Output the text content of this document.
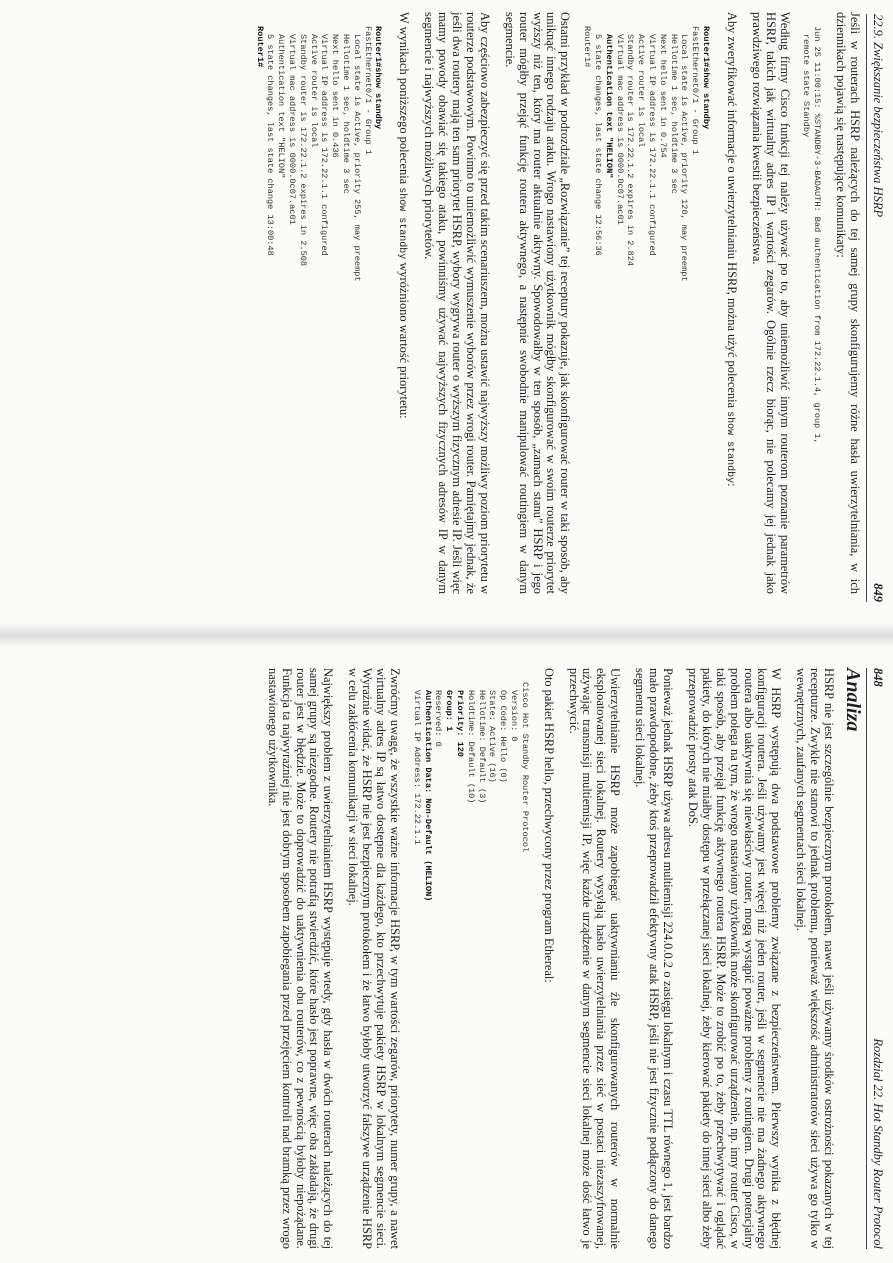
22.9. Zwiększanie bezpieczeństwa HSRP
849

Jeśli w routerach HSRP należących do tej samej grupy skonfigurujemy różne hasła uwierzytelniania, w ich dziennikach pojawią się następujące komunikaty:

Jun 25 11:00:15: %STANDBY-3-BADAUTH: Bad authentication from 172.22.1.4, group 1,
remote state Standby

Według firmy Cisco funkcji tej należy używać po to, aby uniemożliwić innym routerom poznanie parametrów HSRP, takich jak wirtualny adres IP i wartości zegarów. Ogólnie rzecz biorąc, nie polecamy jej jednak jako prawdziwego rozwiązania kwestii bezpieczeństwa.

Aby zweryfikować informacje o uwierzytelnianiu HSRP, można użyć polecenia show standby:

Router1#show standby
FastEthernet0/1 - Group 1
Local state is Active, priority 120, may preempt
Hellotime 1 sec, holdtime 3 sec
Next hello sent in 0.754
Virtual IP address is 172.22.1.1 configured
Active router is local
Standby router is 172.22.1.2 expires in 2.824
Virtual mac address is 0000.0c07.ac01
Authentication text "HELION"
5 state changes, last state change 12:56:36
Router1#

Ostatni przykład w podrozdziale „Rozwiązanie” tej receptury pokazuje, jak skonfigurować router w taki sposób, aby uniknąć innego rodzaju ataku. Wrogo nastawiony użytkownik mógłby skonfigurować w swoim routerze priorytet wyższy niż ten, który ma router aktualnie aktywny. Spowodowałby w ten sposób, „zamach stanu” HSRP i jego router mógłby przejąć funkcję routera aktywnego, a następnie swobodnie manipulować routingiem w danym segmencie.

Aby częściowo zabezpieczyć się przed takim scenariuszem, można ustawić najwyższy możliwy poziom priorytetu w routerze podstawowym. Powinno to uniemożliwić wymuszenie wyborów przez wrogi router. Pamiętajmy jednak, że jeśli dwa routery mają ten sam priorytet HSRP, wybory wygrywa router o wyższym fizycznym adresie IP. Jeśli więc mamy powody obawiać się takiego ataku, powinniśmy używać najwyższych fizycznych adresów IP w danym segmencie i najwyższych możliwych priorytetów.

W wynikach poniższego polecenia show standby wyróżniono wartość priorytetu:

Router1#show standby
FastEthernet0/1 - Group 1
Local state is Active, priority 255, may preempt
Hellotime 1 sec, holdtime 3 sec
Next hello sent in 0.436
Virtual IP address is 172.22.1.1 configured
Active router is local
Standby router is 172.22.1.2 expires in 2.508
Virtual mac address is 0000.0c07.ac01
Authentication text "HELION"
5 state changes, last state change 13:00:48
Router1#
848
Rozdział 22. Hot Standby Router Protocol
Analiza

HSRP nie jest szczególnie bezpiecznym protokołem, nawet jeśli używamy środków ostrożności pokazanych w tej recepturze. Zwykle nie stanowi to jednak problemu, ponieważ większość administratorów sieci używa go tylko w wewnętrznych, zaufanych segmentach sieci lokalnej.

W HSRP występują dwa podstawowe problemy związane z bezpieczeństwem. Pierwszy wynika z błędnej konfiguracji routera. Jeśli używamy jest więcej niż jeden router, jeśli w segmencie nie ma żadnego aktywnego routera albo uaktywnia się niewłaściwy router, mogą wystąpić poważne problemy z routingiem. Drugi potencjalny problem polega na tym, że wrogo nastawiony użytkownik może skonfigurować urządzenie, np. inny router Cisco, w taki sposób, aby przejął funkcję aktywnego routera HSRP. Może to zrobić po to, żeby przechwytywać i oglądać pakiety, do których nie miałby dostępu w przełączanej sieci lokalnej, żeby kierować pakiety do innej sieci albo żeby przeprowadzić prosty atak DoS.

Ponieważ jednak HSRP używa adresu multiemisji 224.0.0.2 o zasięgu lokalnym i czasu TTL równego 1, jest bardzo mało prawdopodobne, żeby ktoś przeprowadził efektywny atak HSRP, jeśli nie jest fizycznie podłączony do danego segmentu sieci lokalnej.

Uwierzytelnianie HSRP może zapobiegać uaktywnianiu źle skonfigurowanych routerów w normalnie eksploatowanej sieci lokalnej. Routery wysyłają hasło uwierzytelniania przez sieć w postaci niezaszyfrowanej, używając transmisji multiemisji IP, więc każde urządzenie w danym segmencie sieci lokalnej może dość łatwo je przechwycić.

Oto pakiet HSRP hello, przechwycony przez program Ethereal:

Cisco Hot Standby Router Protocol
Version: 0
Op Code: Hello (0)
State: Active (16)
Hellotime: Default (3)
Holdtime: Default (10)
Priority: 120
Group: 1
Reserved: 0
Authentication Data: Non-Default (HELION)
Virtual IP Address: 172.22.1.1

Zwróćmy uwagę, że wszystkie ważne informacje HSRP, w tym wartości zegarów, priorytety, numer grupy, a nawet wirtualny adres IP są łatwo dostępne dla każdego, kto przechwytuje pakiety HSRP w lokalnym segmencie sieci. Wyraźnie widać, że HSRP nie jest bezpiecznym protokołem i że łatwo byłoby utworzyć fałszywe urządzenie HSRP w celu zakłócenia komunikacji w sieci lokalnej.

Największy problem z uwierzytelnianiem HSRP występuje wtedy, gdy hasła w dwóch routerach należących do tej samej grupy są niezgodne. Routery nie potrafią stwierdzić, które hasło jest poprawne, więc oba zakładają, że drugi router jest w błędzie. Może to doprowadzić do uaktywnienia obu routerów, co z pewnością byłoby niepożądane. Funkcja ta najwyraźniej nie jest dobrym sposobem zapobiegania przed przejęciem kontroli nad bramką przez wrogo nastawionego użytkownika.
